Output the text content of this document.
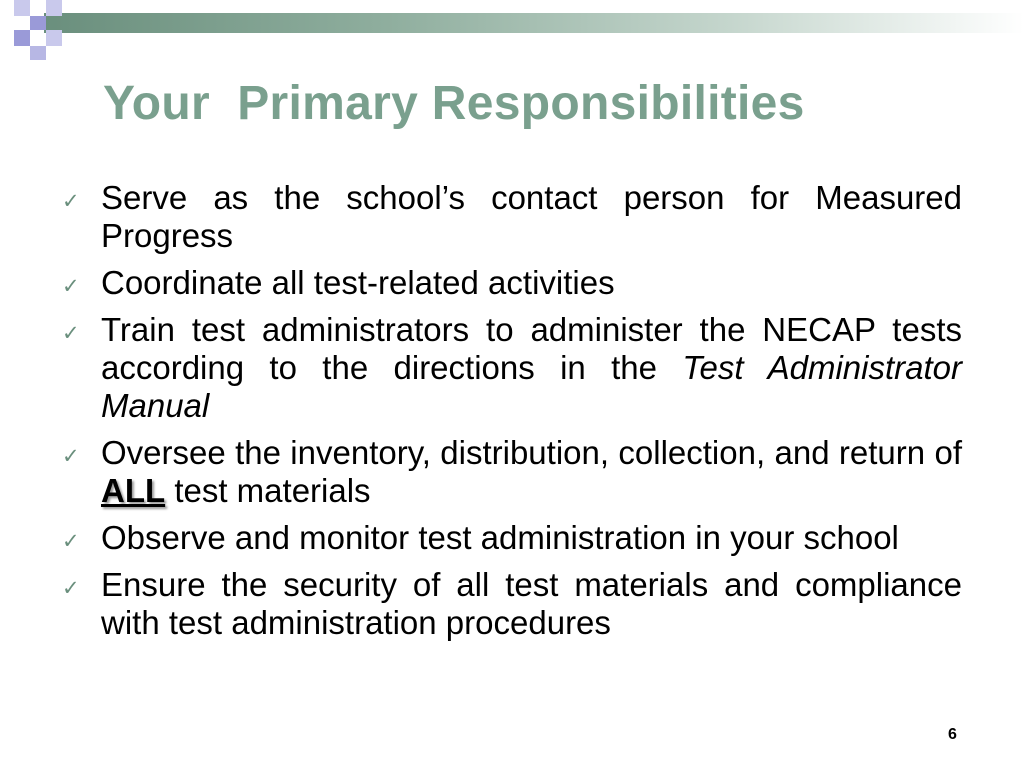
Your  Primary Responsibilities
✓ Serve as the school’s contact person for Measured Progress
✓ Coordinate all test-related activities
✓ Train test administrators to administer the NECAP tests according to the directions in the Test Administrator Manual
✓ Oversee the inventory, distribution, collection, and return of ALL test materials
✓ Observe and monitor test administration in your school
✓ Ensure the security of all test materials and compliance with test administration procedures
6
